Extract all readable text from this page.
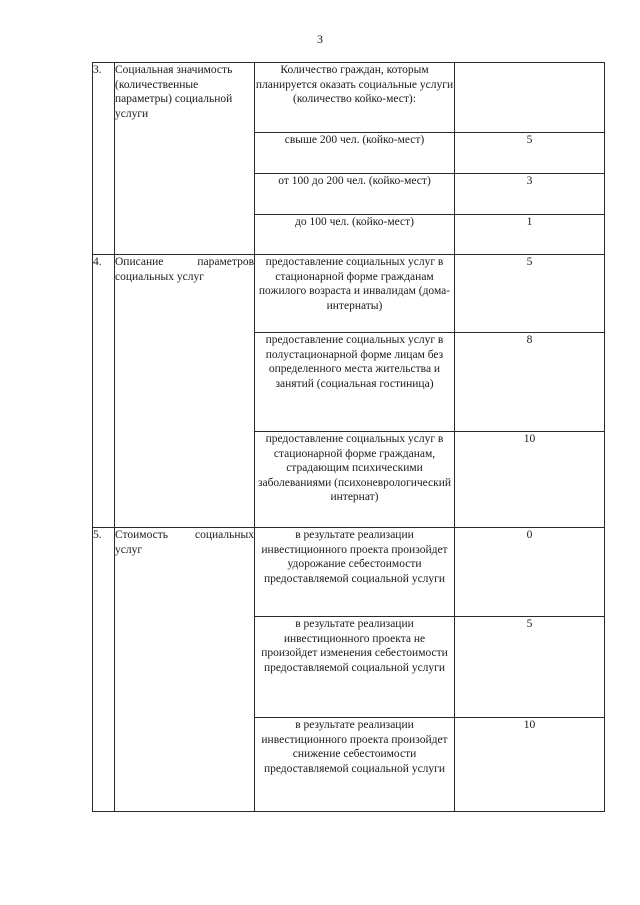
3
3.	Социальная значимость (количественные параметры) социальной услуги	Количество граждан, которым планируется оказать социальные услуги (количество койко-мест):	
		свыше 200 чел. (койко-мест)	5
		от 100 до 200 чел. (койко-мест)	3
		до 100 чел. (койко-мест)	1
4.	Описание параметров социальных услуг	предоставление социальных услуг в стационарной форме гражданам пожилого возраста и инвалидам (дома-интернаты)	5
		предоставление социальных услуг в полустационарной форме лицам без определенного места жительства и занятий (социальная гостиница)	8
		предоставление социальных услуг в стационарной форме гражданам, страдающим психическими заболеваниями (психоневрологический интернат)	10
5.	Стоимость социальных услуг	в результате реализации инвестиционного проекта произойдет удорожание себестоимости предоставляемой социальной услуги	0
		в результате реализации инвестиционного проекта не произойдет изменения себестоимости предоставляемой социальной услуги	5
		в результате реализации инвестиционного проекта произойдет снижение себестоимости предоставляемой социальной услуги	10
